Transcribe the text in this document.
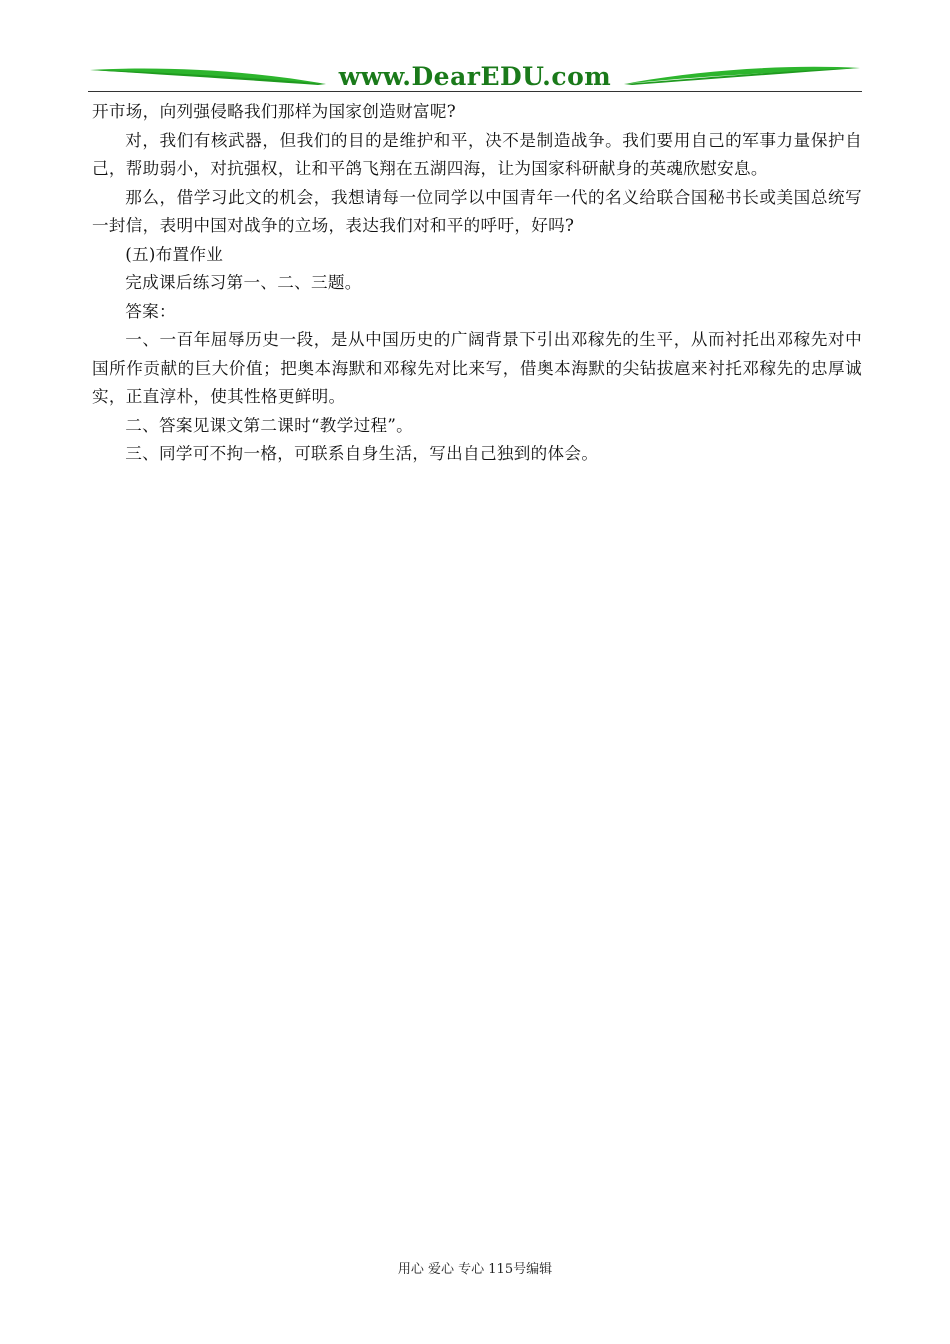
www.DearEDU.com

开市场，向列强侵略我们那样为国家创造财富呢?

对，我们有核武器，但我们的目的是维护和平，决不是制造战争。我们要用自己的军事力量保护自己，帮助弱小，对抗强权，让和平鸽飞翔在五湖四海，让为国家科研献身的英魂欣慰安息。

那么，借学习此文的机会，我想请每一位同学以中国青年一代的名义给联合国秘书长或美国总统写一封信，表明中国对战争的立场，表达我们对和平的呼吁，好吗?

(五)布置作业

完成课后练习第一、二、三题。

答案：

一、一百年屈辱历史一段，是从中国历史的广阔背景下引出邓稼先的生平，从而衬托出邓稼先对中国所作贡献的巨大价值；把奥本海默和邓稼先对比来写，借奥本海默的尖钻拔扈来衬托邓稼先的忠厚诚实，正直淳朴，使其性格更鲜明。

二、答案见课文第二课时“教学过程”。

三、同学可不拘一格，可联系自身生活，写出自己独到的体会。

用心 爱心 专心 115号编辑
